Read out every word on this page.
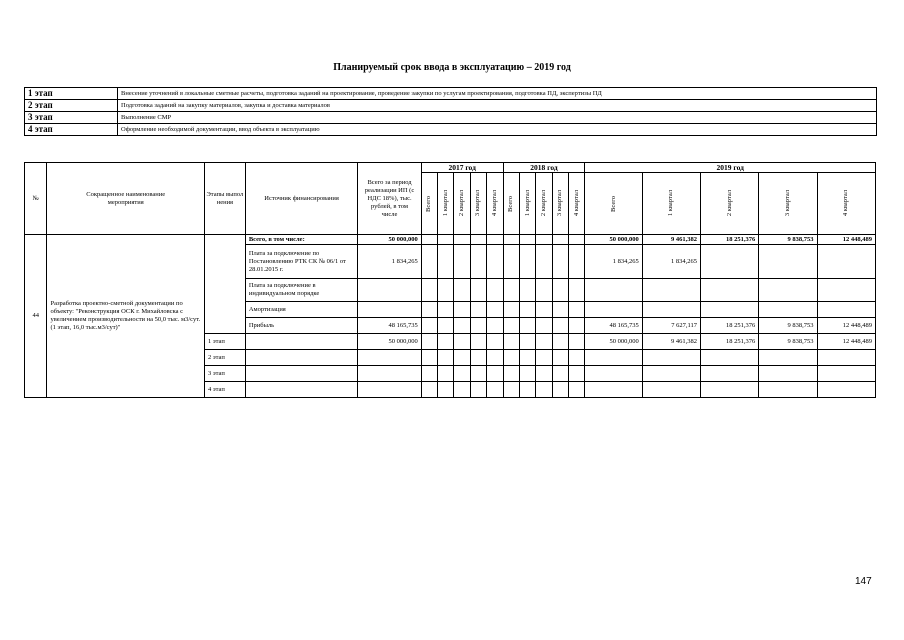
Планируемый срок ввода в эксплуатацию – 2019 год
1 этап	Внесение уточнений в локальные сметные расчеты, подготовка заданий на проектирование, проведение закупки по услугам проектирования, подготовка ПД, экспертизы ПД
2 этап	Подготовка заданий на закупку материалов, закупка и доставка материалов
3 этап	Выполнение СМР
4 этап	Оформление необходимой документации, ввод объекта в эксплуатацию
№	Сокращенное наименование мероприятия	Этапы выпол нения	Источник финансирования	Всего за период реализации ИП (с НДС 18%), тыс. рублей, в том числе	2017 год					2018 год					2019 год				

					Всего	1 квартал	2 квартал	3 квартал	4 квартал	Всего	1 квартал	2 квартал	3 квартал	4 квартал	Всего	1 квартал	2 квартал	3 квартал	4 квартал

44	Разработка проектно-сметной документации по объекту: "Реконструкция ОСК г. Михайловска с увеличением производительности на 50,0 тыс. м3/сут. (1 этап, 16,0 тыс.м3/сут)"		Всего, в том числе:	50 000,000											50 000,000	9 461,382	18 251,376	9 838,753	12 448,489
			Плата за подключение по Постановлению РТК СК № 06/1 от 28.01.2015 г.	1 834,265											1 834,265	1 834,265			
			Плата за подключение в индивидуальном порядке																
			Амортизация																
			Прибыль	48 165,735											48 165,735	7 627,117	18 251,376	9 838,753	12 448,489
		1 этап		50 000,000											50 000,000	9 461,382	18 251,376	9 838,753	12 448,489
		2 этап																	
		3 этап																	
		4 этап																	
147
